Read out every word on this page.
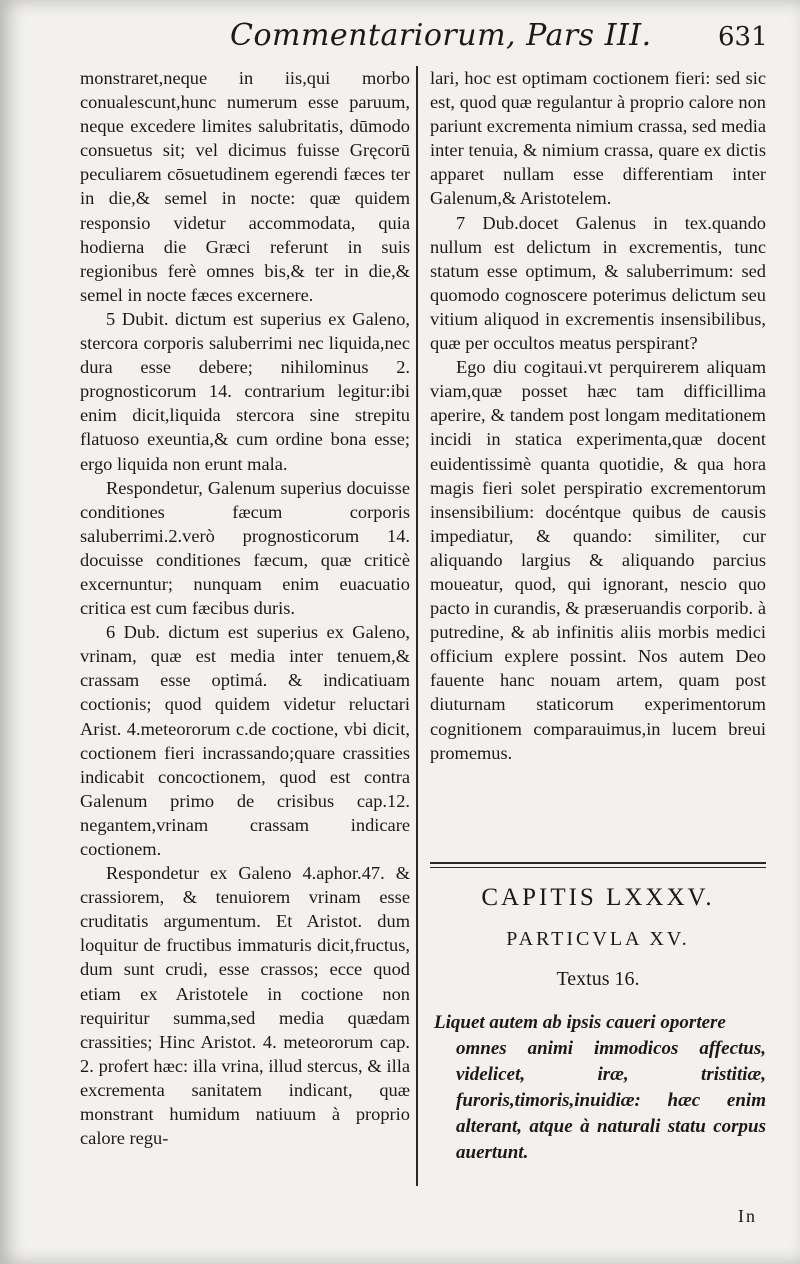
Commentariorum, Pars III.	631

monstraret,neque in iis,qui morbo conualescunt,hunc numerum esse paruum, neque excedere limites salubritatis, dūmodo consuetus sit; vel dicimus fuisse Gręcorū peculiarem cōsuetudinem egerendi fæces ter in die,& semel in nocte: quæ quidem responsio videtur accommodata, quia hodierna die Græci referunt in suis regionibus ferè omnes bis,& ter in die,& semel in nocte fæces excernere.

5 Dubit. dictum est superius ex Galeno, stercora corporis saluberrimi nec liquida,nec dura esse debere; nihilominus 2. prognosticorum 14. contrarium legitur:ibi enim dicit,liquida stercora sine strepitu flatuoso exeuntia,& cum ordine bona esse; ergo liquida non erunt mala.

Respondetur, Galenum superius docuisse conditiones fæcum corporis saluberrimi.2.verò prognosticorum 14. docuisse conditiones fæcum, quæ criticè excernuntur; nunquam enim euacuatio critica est cum fæcibus duris.

6 Dub. dictum est superius ex Galeno, vrinam, quæ est media inter tenuem,& crassam esse optimá. & indicatiuam coctionis; quod quidem videtur reluctari Arist. 4.meteororum c.de coctione, vbi dicit, coctionem fieri incrassando;quare crassities indicabit concoctionem, quod est contra Galenum primo de crisibus cap.12. negantem,vrinam crassam indicare coctionem.

Respondetur ex Galeno 4.aphor.47. & crassiorem, & tenuiorem vrinam esse cruditatis argumentum. Et Aristot. dum loquitur de fructibus immaturis dicit,fructus, dum sunt crudi, esse crassos; ecce quod etiam ex Aristotele in coctione non requiritur summa,sed media quædam crassities; Hinc Aristot. 4. meteororum cap. 2. profert hæc: illa vrina, illud stercus, & illa excrementa sanitatem indicant, quæ monstrant humidum natiuum à proprio calore regu-

lari, hoc est optimam coctionem fieri: sed sic est, quod quæ regulantur à proprio calore non pariunt excrementa nimium crassa, sed media inter tenuia, & nimium crassa, quare ex dictis apparet nullam esse differentiam inter Galenum,& Aristotelem.

7 Dub.docet Galenus in tex.quando nullum est delictum in excrementis, tunc statum esse optimum, & saluberrimum: sed quomodo cognoscere poterimus delictum seu vitium aliquod in excrementis insensibilibus, quæ per occultos meatus perspirant?

Ego diu cogitaui.vt perquirerem aliquam viam,quæ posset hæc tam difficillima aperire, & tandem post longam meditationem incidi in statica experimenta,quæ docent euidentissimè quanta quotidie, & qua hora magis fieri solet perspiratio excrementorum insensibilium: docéntque quibus de causis impediatur, & quando: similiter, cur aliquando largius & aliquando parcius moueatur, quod, qui ignorant, nescio quo pacto in curandis, & præseruandis corporib. à putredine, & ab infinitis aliis morbis medici officium explere possint. Nos autem Deo fauente hanc nouam artem, quam post diuturnam staticorum experimentorum cognitionem comparauimus,in lucem breui promemus.

CAPITIS LXXXV.
PARTICVLA XV.
Textus 16.
Liquet autem ab ipsis caueri oportere
omnes animi immodicos affectus, videlicet, iræ, tristitiæ, furoris,timoris,inuidiæ: hæc enim alterant, atque à naturali statu corpus auertunt.
In
